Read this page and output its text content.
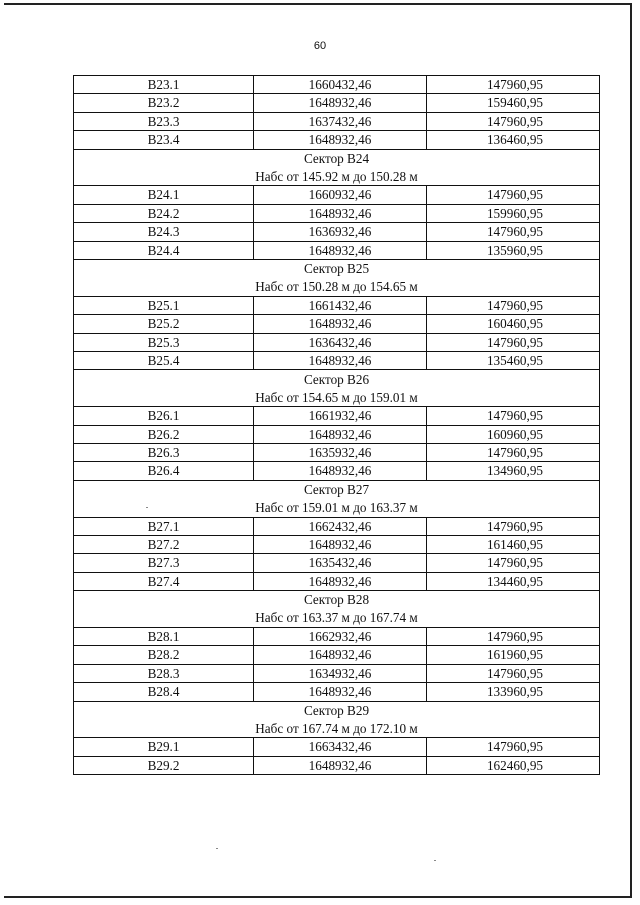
60
B23.1	1660432,46	147960,95
B23.2	1648932,46	159460,95
B23.3	1637432,46	147960,95
B23.4	1648932,46	136460,95
Сектор B24		
Набс от 145.92 м до 150.28 м		
B24.1	1660932,46	147960,95
B24.2	1648932,46	159960,95
B24.3	1636932,46	147960,95
B24.4	1648932,46	135960,95
Сектор B25		
Набс от 150.28 м до 154.65 м		
B25.1	1661432,46	147960,95
B25.2	1648932,46	160460,95
B25.3	1636432,46	147960,95
B25.4	1648932,46	135460,95
Сектор B26		
Набс от 154.65 м до 159.01 м		
B26.1	1661932,46	147960,95
B26.2	1648932,46	160960,95
B26.3	1635932,46	147960,95
B26.4	1648932,46	134960,95
Сектор B27		
Набс от 159.01 м до 163.37 м		
B27.1	1662432,46	147960,95
B27.2	1648932,46	161460,95
B27.3	1635432,46	147960,95
B27.4	1648932,46	134460,95
Сектор B28		
Набс от 163.37 м до 167.74 м		
B28.1	1662932,46	147960,95
B28.2	1648932,46	161960,95
B28.3	1634932,46	147960,95
B28.4	1648932,46	133960,95
Сектор B29		
Набс от 167.74 м до 172.10 м		
B29.1	1663432,46	147960,95
B29.2	1648932,46	162460,95
